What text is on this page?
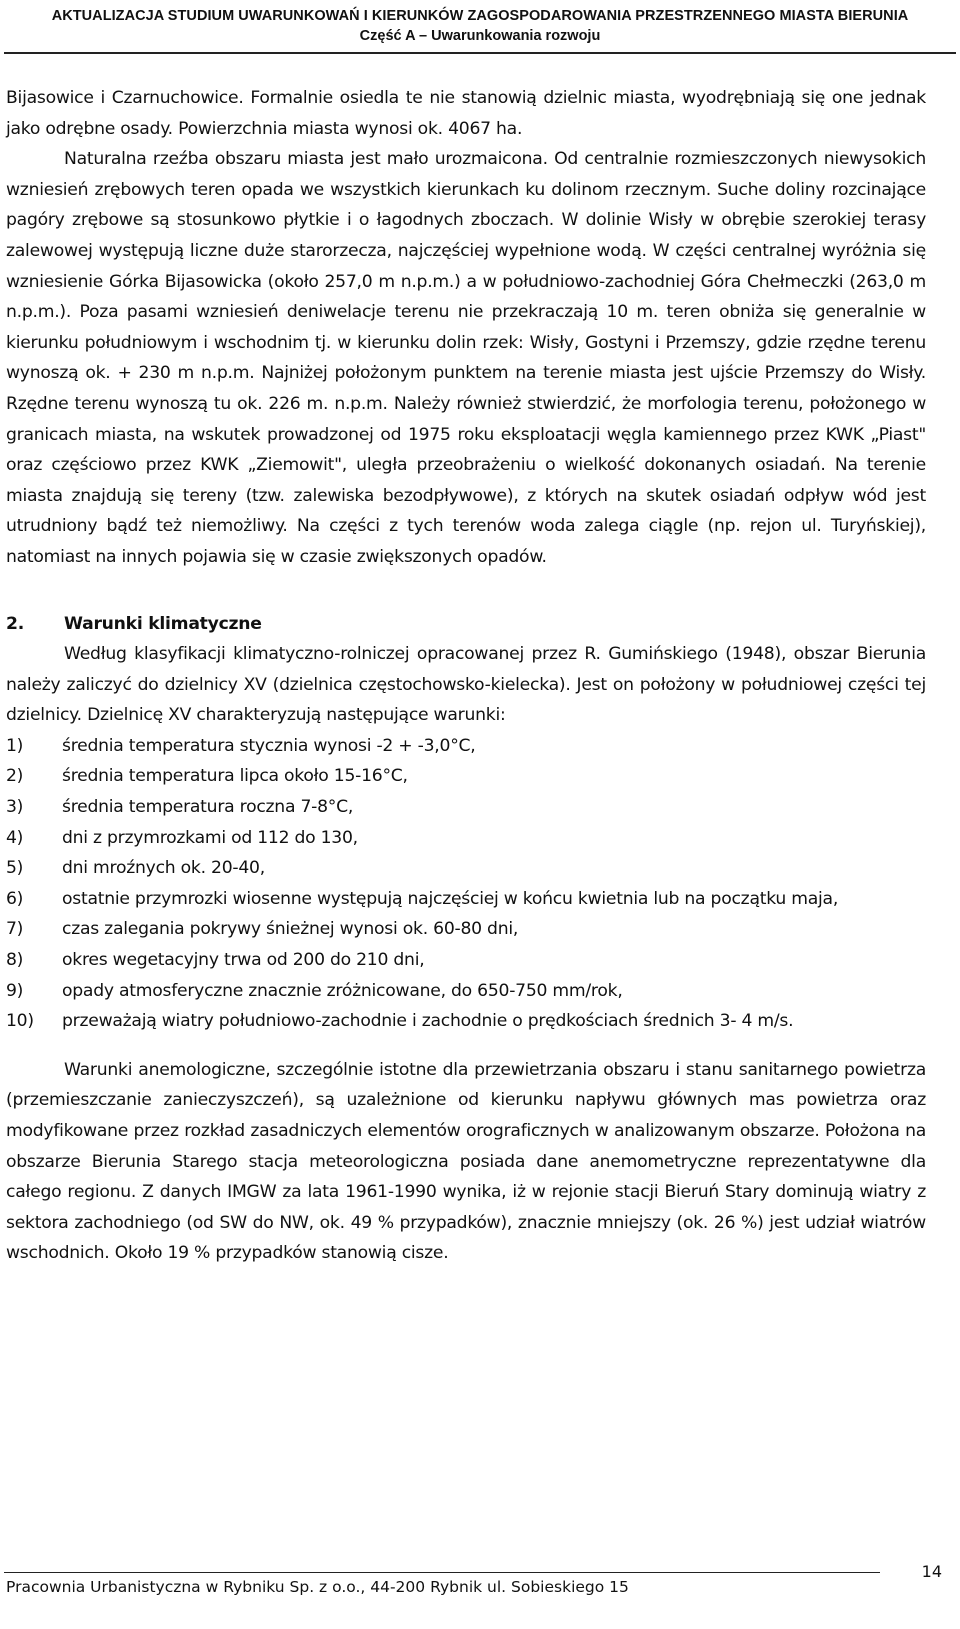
AKTUALIZACJA STUDIUM UWARUNKOWAŃ I KIERUNKÓW ZAGOSPODAROWANIA PRZESTRZENNEGO MIASTA BIERUNIA
Część A – Uwarunkowania rozwoju

Bijasowice i Czarnuchowice. Formalnie osiedla te nie stanowią dzielnic miasta, wyodrębniają się one jednak jako odrębne osady. Powierzchnia miasta wynosi ok. 4067 ha.

Naturalna rzeźba obszaru miasta jest mało urozmaicona. Od centralnie rozmieszczonych niewysokich wzniesień zrębowych teren opada we wszystkich kierunkach ku dolinom rzecznym. Suche doliny rozcinające pagóry zrębowe są stosunkowo płytkie i o łagodnych zboczach. W dolinie Wisły w obrębie szerokiej terasy zalewowej występują liczne duże starorzecza, najczęściej wypełnione wodą. W części centralnej wyróżnia się wzniesienie Górka Bijasowicka (około 257,0 m n.p.m.) a w południowo-zachodniej Góra Chełmeczki (263,0 m n.p.m.). Poza pasami wzniesień deniwelacje terenu nie przekraczają 10 m. teren obniża się generalnie w kierunku południowym i wschodnim tj. w kierunku dolin rzek: Wisły, Gostyni i Przemszy, gdzie rzędne terenu wynoszą ok. + 230 m n.p.m. Najniżej położonym punktem na terenie miasta jest ujście Przemszy do Wisły. Rzędne terenu wynoszą tu ok. 226 m. n.p.m. Należy również stwierdzić, że morfologia terenu, położonego w granicach miasta, na wskutek prowadzonej od 1975 roku eksploatacji węgla kamiennego przez KWK „Piast" oraz częściowo przez KWK „Ziemowit", uległa przeobrażeniu o wielkość dokonanych osiadań. Na terenie miasta znajdują się tereny (tzw. zalewiska bezodpływowe), z których na skutek osiadań odpływ wód jest utrudniony bądź też niemożliwy. Na części z tych terenów woda zalega ciągle (np. rejon ul. Turyńskiej), natomiast na innych pojawia się w czasie zwiększonych opadów.

2.	Warunki klimatyczne

Według klasyfikacji klimatyczno-rolniczej opracowanej przez R. Gumińskiego (1948), obszar Bierunia należy zaliczyć do dzielnicy XV (dzielnica częstochowsko-kielecka). Jest on położony w południowej części tej dzielnicy. Dzielnicę XV charakteryzują następujące warunki:

1)	średnia temperatura stycznia wynosi -2 + -3,0°C,
2)	średnia temperatura lipca około 15-16°C,
3)	średnia temperatura roczna 7-8°C,
4)	dni z przymrozkami od 112 do 130,
5)	dni mroźnych ok. 20-40,
6)	ostatnie przymrozki wiosenne występują najczęściej w końcu kwietnia lub na początku maja,
7)	czas zalegania pokrywy śnieżnej wynosi ok. 60-80 dni,
8)	okres wegetacyjny trwa od 200 do 210 dni,
9)	opady atmosferyczne znacznie zróżnicowane, do 650-750 mm/rok,
10)	przeważają wiatry południowo-zachodnie i zachodnie o prędkościach średnich 3- 4 m/s.

Warunki anemologiczne, szczególnie istotne dla przewietrzania obszaru i stanu sanitarnego powietrza (przemieszczanie zanieczyszczeń), są uzależnione od kierunku napływu głównych mas powietrza oraz modyfikowane przez rozkład zasadniczych elementów orograficznych w analizowanym obszarze. Położona na obszarze Bierunia Starego stacja meteorologiczna posiada dane anemometryczne reprezentatywne dla całego regionu. Z danych IMGW za lata 1961-1990 wynika, iż w rejonie stacji Bieruń Stary dominują wiatry z sektora zachodniego (od SW do NW, ok. 49 % przypadków), znacznie mniejszy (ok. 26 %) jest udział wiatrów wschodnich. Około 19 % przypadków stanowią cisze.

Pracownia Urbanistyczna w Rybniku Sp. z o.o., 44-200 Rybnik ul. Sobieskiego 15
14
